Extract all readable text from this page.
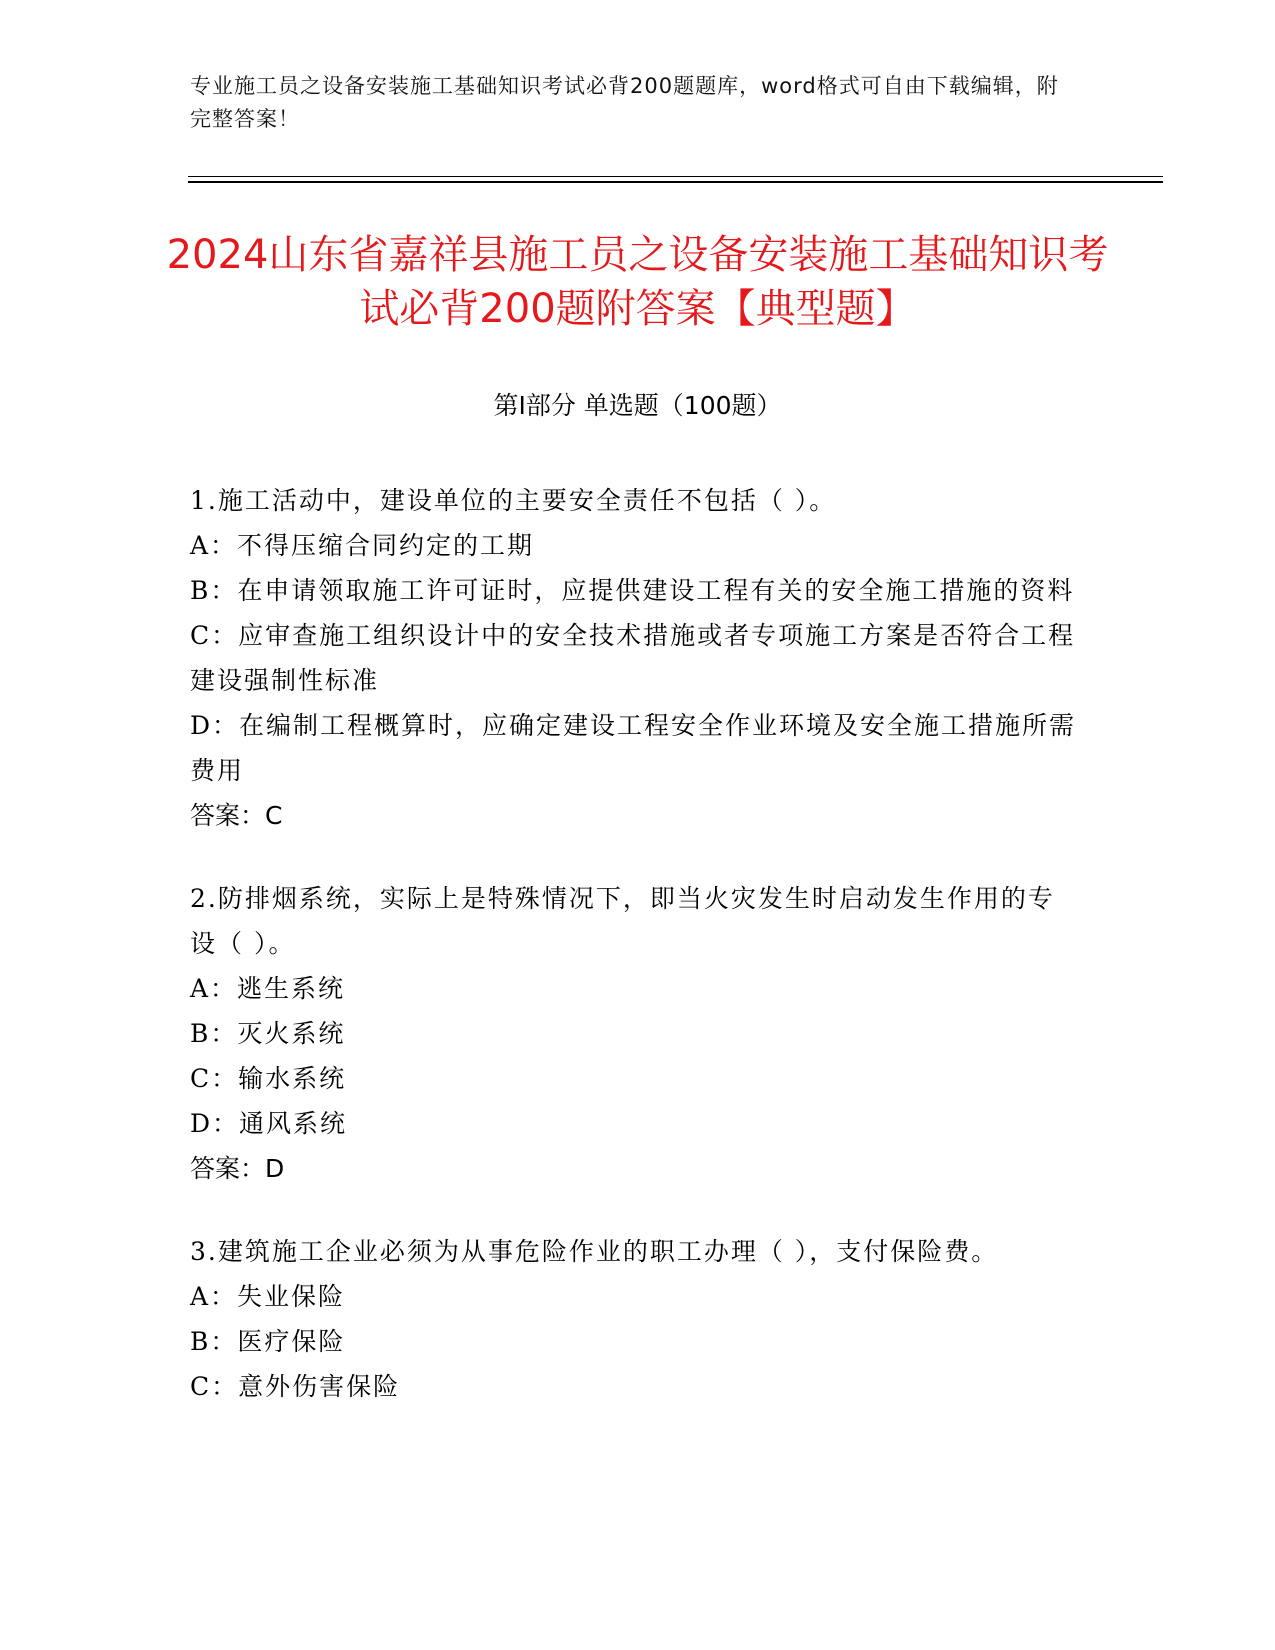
专业施工员之设备安装施工基础知识考试必背200题题库，word格式可自由下载编辑，附完整答案！
2024山东省嘉祥县施工员之设备安装施工基础知识考试必背200题附答案【典型题】
第I部分 单选题（100题）

1.施工活动中，建设单位的主要安全责任不包括（ ）。

A：不得压缩合同约定的工期

B：在申请领取施工许可证时，应提供建设工程有关的安全施工措施的资料

C：应审查施工组织设计中的安全技术措施或者专项施工方案是否符合工程建设强制性标准

D：在编制工程概算时，应确定建设工程安全作业环境及安全施工措施所需费用

答案：C

2.防排烟系统，实际上是特殊情况下，即当火灾发生时启动发生作用的专设（ ）。

A：逃生系统

B：灭火系统

C：输水系统

D：通风系统

答案：D

3.建筑施工企业必须为从事危险作业的职工办理（ ），支付保险费。

A：失业保险

B：医疗保险

C：意外伤害保险
